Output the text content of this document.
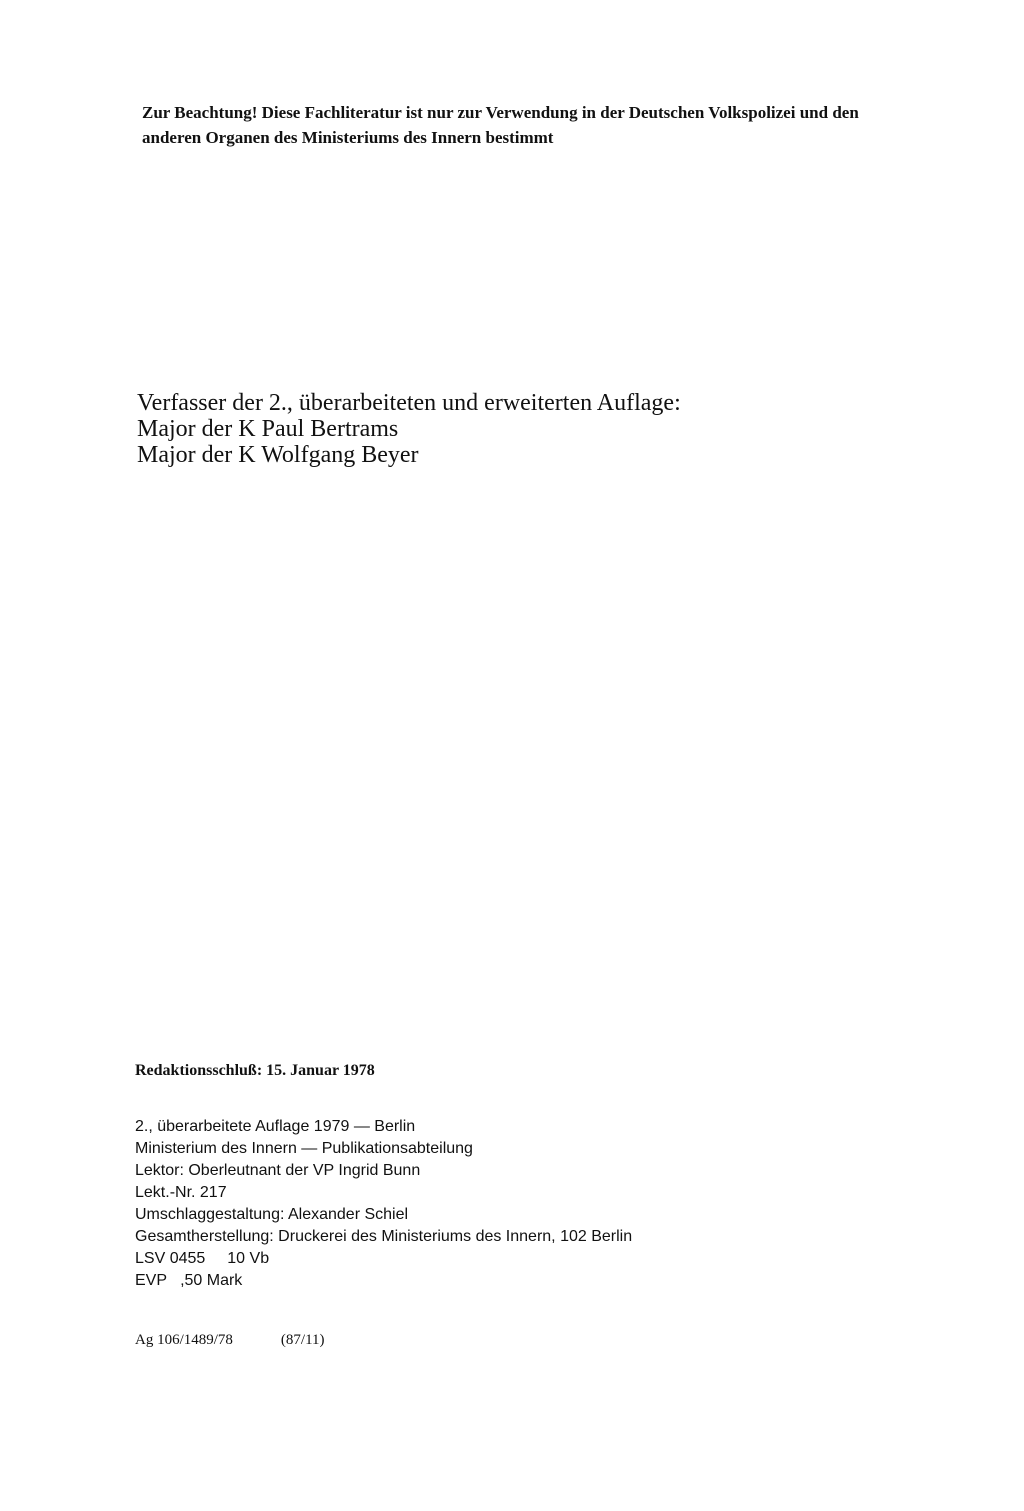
Zur Beachtung! Diese Fachliteratur ist nur zur Verwendung in der Deutschen Volkspolizei und den
anderen Organen des Ministeriums des Innern bestimmt
Verfasser der 2., überarbeiteten und erweiterten Auflage:
Major der K Paul Bertrams
Major der K Wolfgang Beyer
Redaktionsschluß: 15. Januar 1978
2., überarbeitete Auflage 1979 — Berlin
Ministerium des Innern — Publikationsabteilung
Lektor: Oberleutnant der VP Ingrid Bunn
Lekt.-Nr. 217
Umschlaggestaltung: Alexander Schiel
Gesamtherstellung: Druckerei des Ministeriums des Innern, 102 Berlin
LSV 0455 10 Vb
EVP   ,50 Mark
Ag 106/1489/78	(87/11)
